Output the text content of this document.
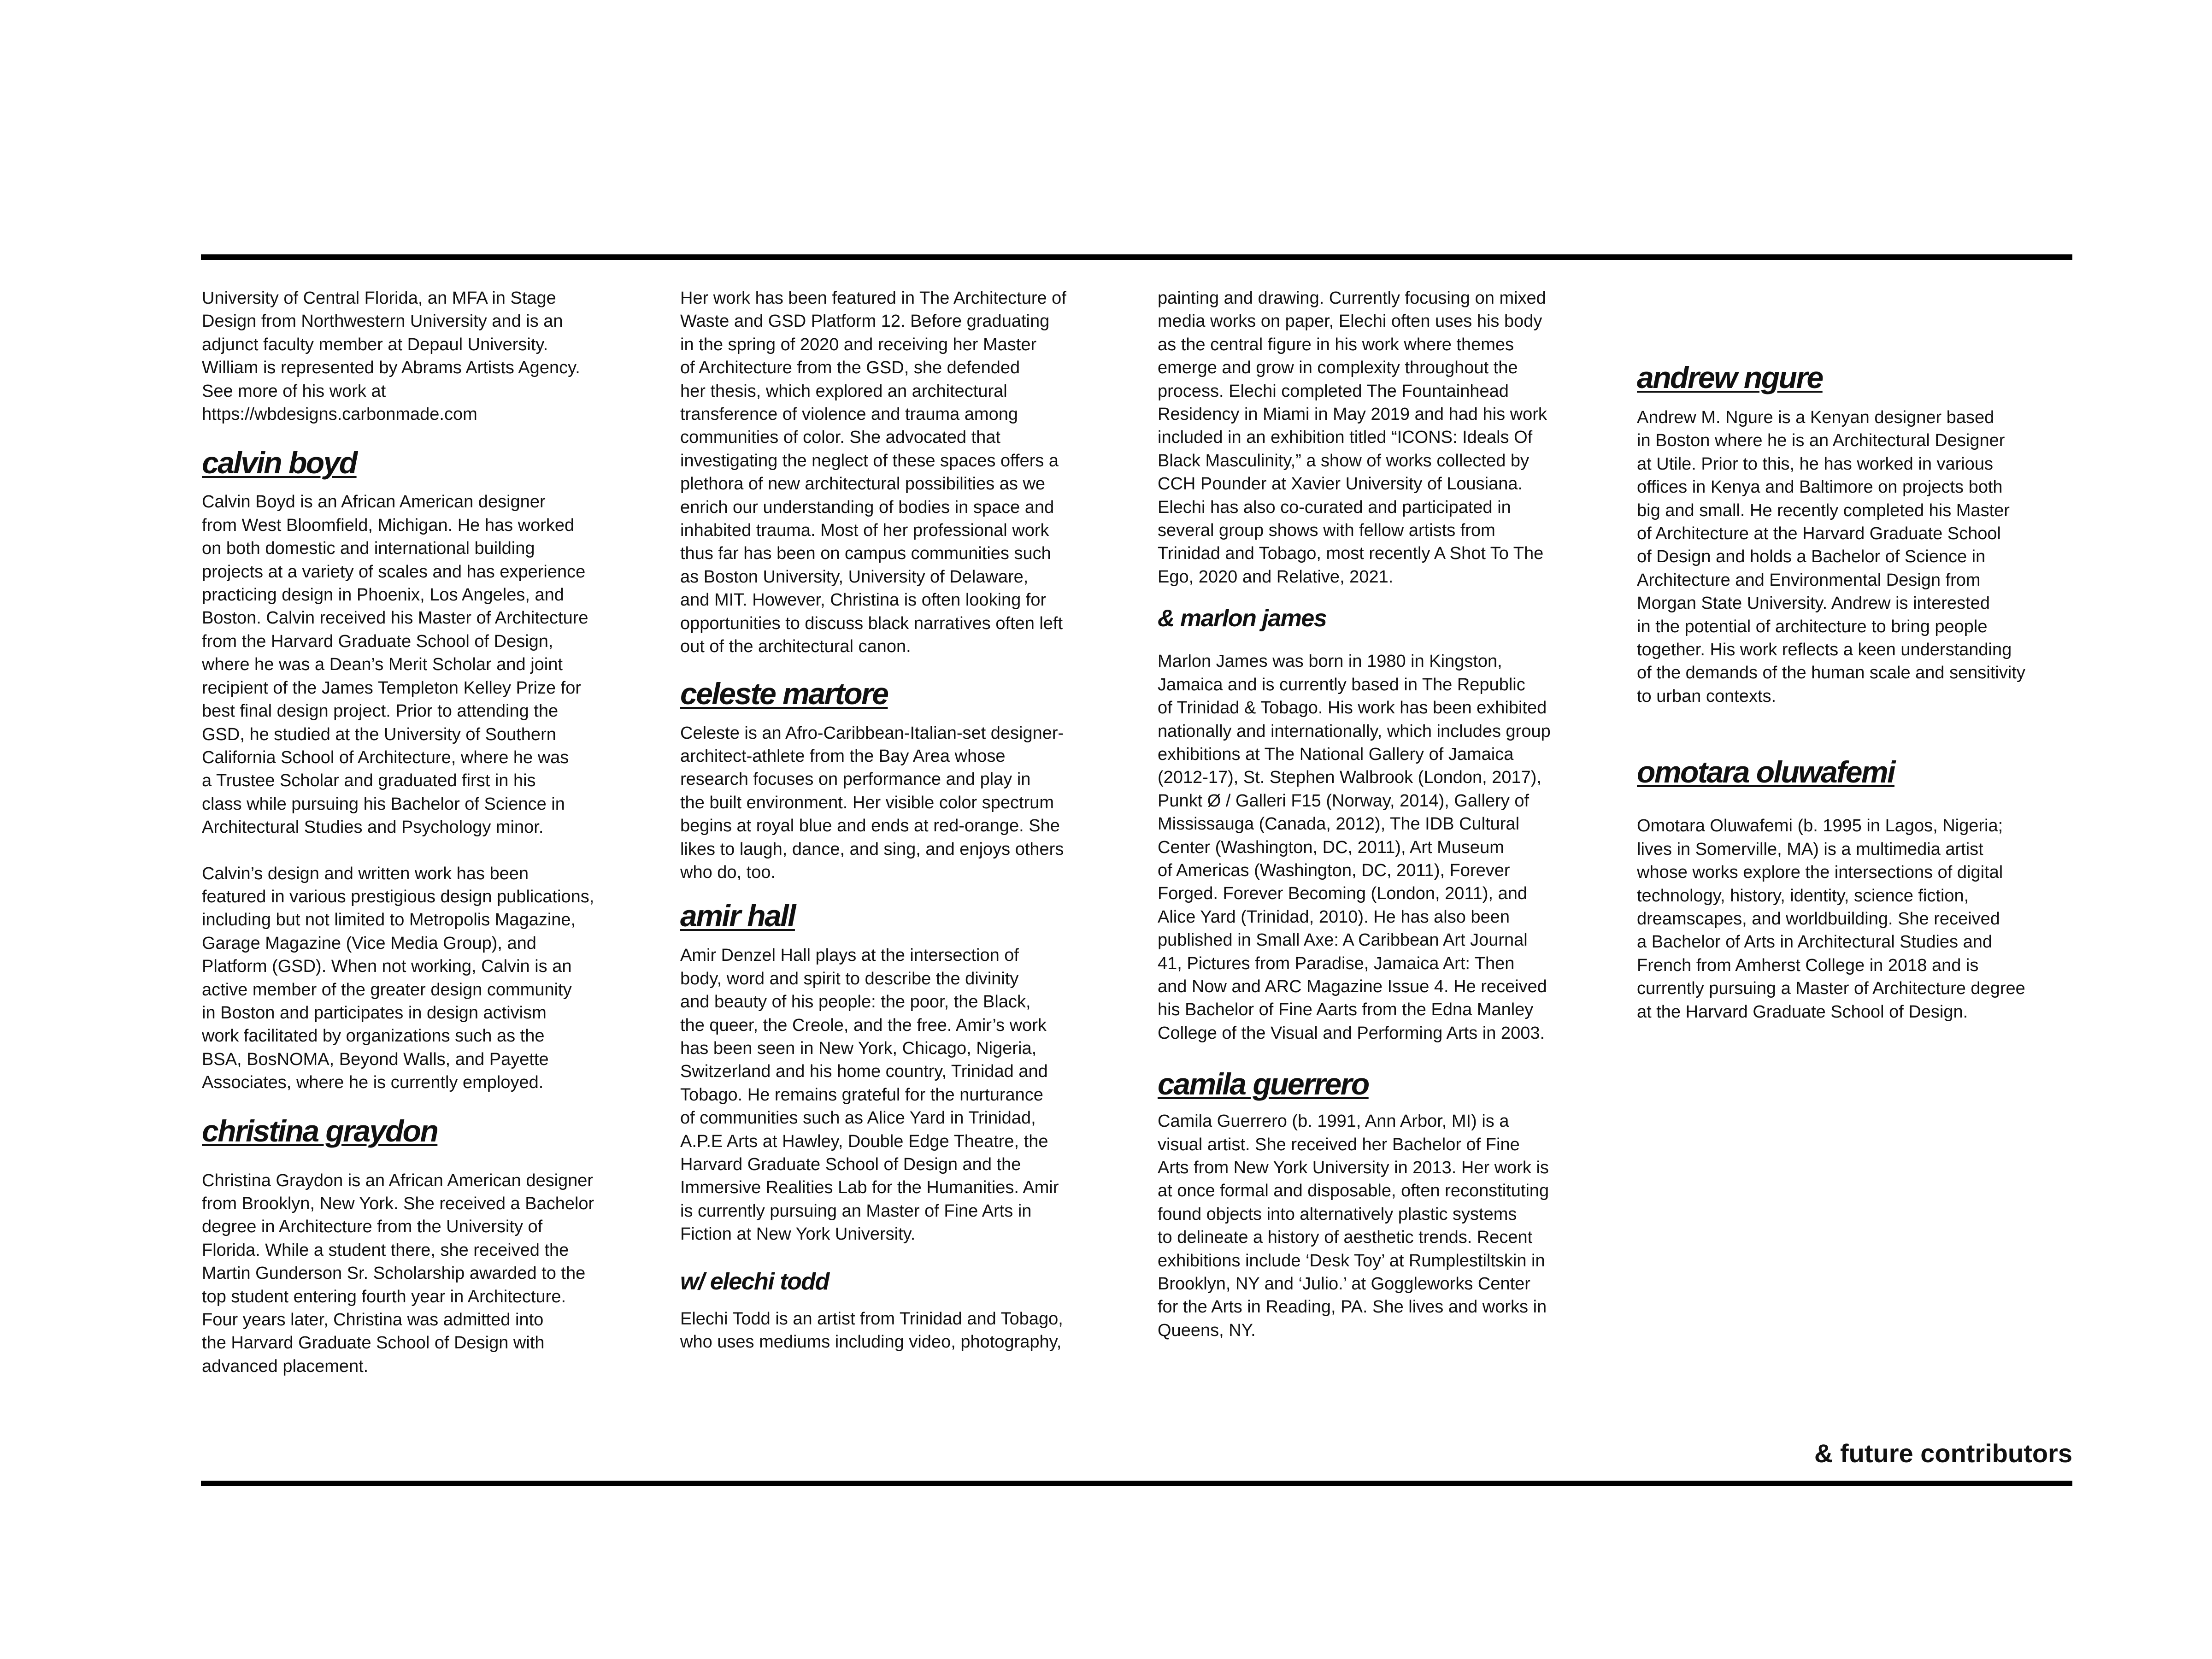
University of Central Florida, an MFA in Stage
Design from Northwestern University and is an
adjunct faculty member at Depaul University.
William is represented by Abrams Artists Agency.
See more of his work at
https://wbdesigns.carbonmade.com

calvin boyd

Calvin Boyd is an African American designer
from West Bloomfield, Michigan. He has worked
on both domestic and international building
projects at a variety of scales and has experience
practicing design in Phoenix, Los Angeles, and
Boston. Calvin received his Master of Architecture
from the Harvard Graduate School of Design,
where he was a Dean’s Merit Scholar and joint
recipient of the James Templeton Kelley Prize for
best final design project. Prior to attending the
GSD, he studied at the University of Southern
California School of Architecture, where he was
a Trustee Scholar and graduated first in his
class while pursuing his Bachelor of Science in
Architectural Studies and Psychology minor.

Calvin’s design and written work has been
featured in various prestigious design publications,
including but not limited to Metropolis Magazine,
Garage Magazine (Vice Media Group), and
Platform (GSD). When not working, Calvin is an
active member of the greater design community
in Boston and participates in design activism
work facilitated by organizations such as the
BSA, BosNOMA, Beyond Walls, and Payette
Associates, where he is currently employed.

christina graydon

Christina Graydon is an African American designer
from Brooklyn, New York. She received a Bachelor
degree in Architecture from the University of
Florida. While a student there, she received the
Martin Gunderson Sr. Scholarship awarded to the
top student entering fourth year in Architecture.
Four years later, Christina was admitted into
the Harvard Graduate School of Design with
advanced placement.

Her work has been featured in The Architecture of
Waste and GSD Platform 12. Before graduating
in the spring of 2020 and receiving her Master
of Architecture from the GSD, she defended
her thesis, which explored an architectural
transference of violence and trauma among
communities of color. She advocated that
investigating the neglect of these spaces offers a
plethora of new architectural possibilities as we
enrich our understanding of bodies in space and
inhabited trauma. Most of her professional work
thus far has been on campus communities such
as Boston University, University of Delaware,
and MIT. However, Christina is often looking for
opportunities to discuss black narratives often left
out of the architectural canon.

celeste martore

Celeste is an Afro-Caribbean-Italian-set designer-
architect-athlete from the Bay Area whose
research focuses on performance and play in
the built environment. Her visible color spectrum
begins at royal blue and ends at red-orange. She
likes to laugh, dance, and sing, and enjoys others
who do, too.

amir hall

Amir Denzel Hall plays at the intersection of
body, word and spirit to describe the divinity
and beauty of his people: the poor, the Black,
the queer, the Creole, and the free. Amir’s work
has been seen in New York, Chicago, Nigeria,
Switzerland and his home country, Trinidad and
Tobago. He remains grateful for the nurturance
of communities such as Alice Yard in Trinidad,
A.P.E Arts at Hawley, Double Edge Theatre, the
Harvard Graduate School of Design and the
Immersive Realities Lab for the Humanities. Amir
is currently pursuing an Master of Fine Arts in
Fiction at New York University.

w/ elechi todd

Elechi Todd is an artist from Trinidad and Tobago,
who uses mediums including video, photography,

painting and drawing. Currently focusing on mixed
media works on paper, Elechi often uses his body
as the central figure in his work where themes
emerge and grow in complexity throughout the
process. Elechi completed The Fountainhead
Residency in Miami in May 2019 and had his work
included in an exhibition titled “ICONS: Ideals Of
Black Masculinity,” a show of works collected by
CCH Pounder at Xavier University of Lousiana.
Elechi has also co-curated and participated in
several group shows with fellow artists from
Trinidad and Tobago, most recently A Shot To The
Ego, 2020 and Relative, 2021.

& marlon james

Marlon James was born in 1980 in Kingston,
Jamaica and is currently based in The Republic
of Trinidad & Tobago. His work has been exhibited
nationally and internationally, which includes group
exhibitions at The National Gallery of Jamaica
(2012-17), St. Stephen Walbrook (London, 2017),
Punkt Ø / Galleri F15 (Norway, 2014), Gallery of
Mississauga (Canada, 2012), The IDB Cultural
Center (Washington, DC, 2011), Art Museum
of Americas (Washington, DC, 2011), Forever
Forged. Forever Becoming (London, 2011), and
Alice Yard (Trinidad, 2010). He has also been
published in Small Axe: A Caribbean Art Journal
41, Pictures from Paradise, Jamaica Art: Then
and Now and ARC Magazine Issue 4. He received
his Bachelor of Fine Aarts from the Edna Manley
College of the Visual and Performing Arts in 2003.

camila guerrero

Camila Guerrero (b. 1991, Ann Arbor, MI) is a
visual artist. She received her Bachelor of Fine
Arts from New York University in 2013. Her work is
at once formal and disposable, often reconstituting
found objects into alternatively plastic systems
to delineate a history of aesthetic trends. Recent
exhibitions include ‘Desk Toy’ at Rumplestiltskin in
Brooklyn, NY and ‘Julio.’ at Goggleworks Center
for the Arts in Reading, PA. She lives and works in
Queens, NY.

andrew ngure

Andrew M. Ngure is a Kenyan designer based
in Boston where he is an Architectural Designer
at Utile. Prior to this, he has worked in various
offices in Kenya and Baltimore on projects both
big and small. He recently completed his Master
of Architecture at the Harvard Graduate School
of Design and holds a Bachelor of Science in
Architecture and Environmental Design from
Morgan State University. Andrew is interested
in the potential of architecture to bring people
together. His work reflects a keen understanding
of the demands of the human scale and sensitivity
to urban contexts.

omotara oluwafemi

Omotara Oluwafemi (b. 1995 in Lagos, Nigeria;
lives in Somerville, MA) is a multimedia artist
whose works explore the intersections of digital
technology, history, identity, science fiction,
dreamscapes, and worldbuilding. She received
a Bachelor of Arts in Architectural Studies and
French from Amherst College in 2018 and is
currently pursuing a Master of Architecture degree
at the Harvard Graduate School of Design.

& future contributors
